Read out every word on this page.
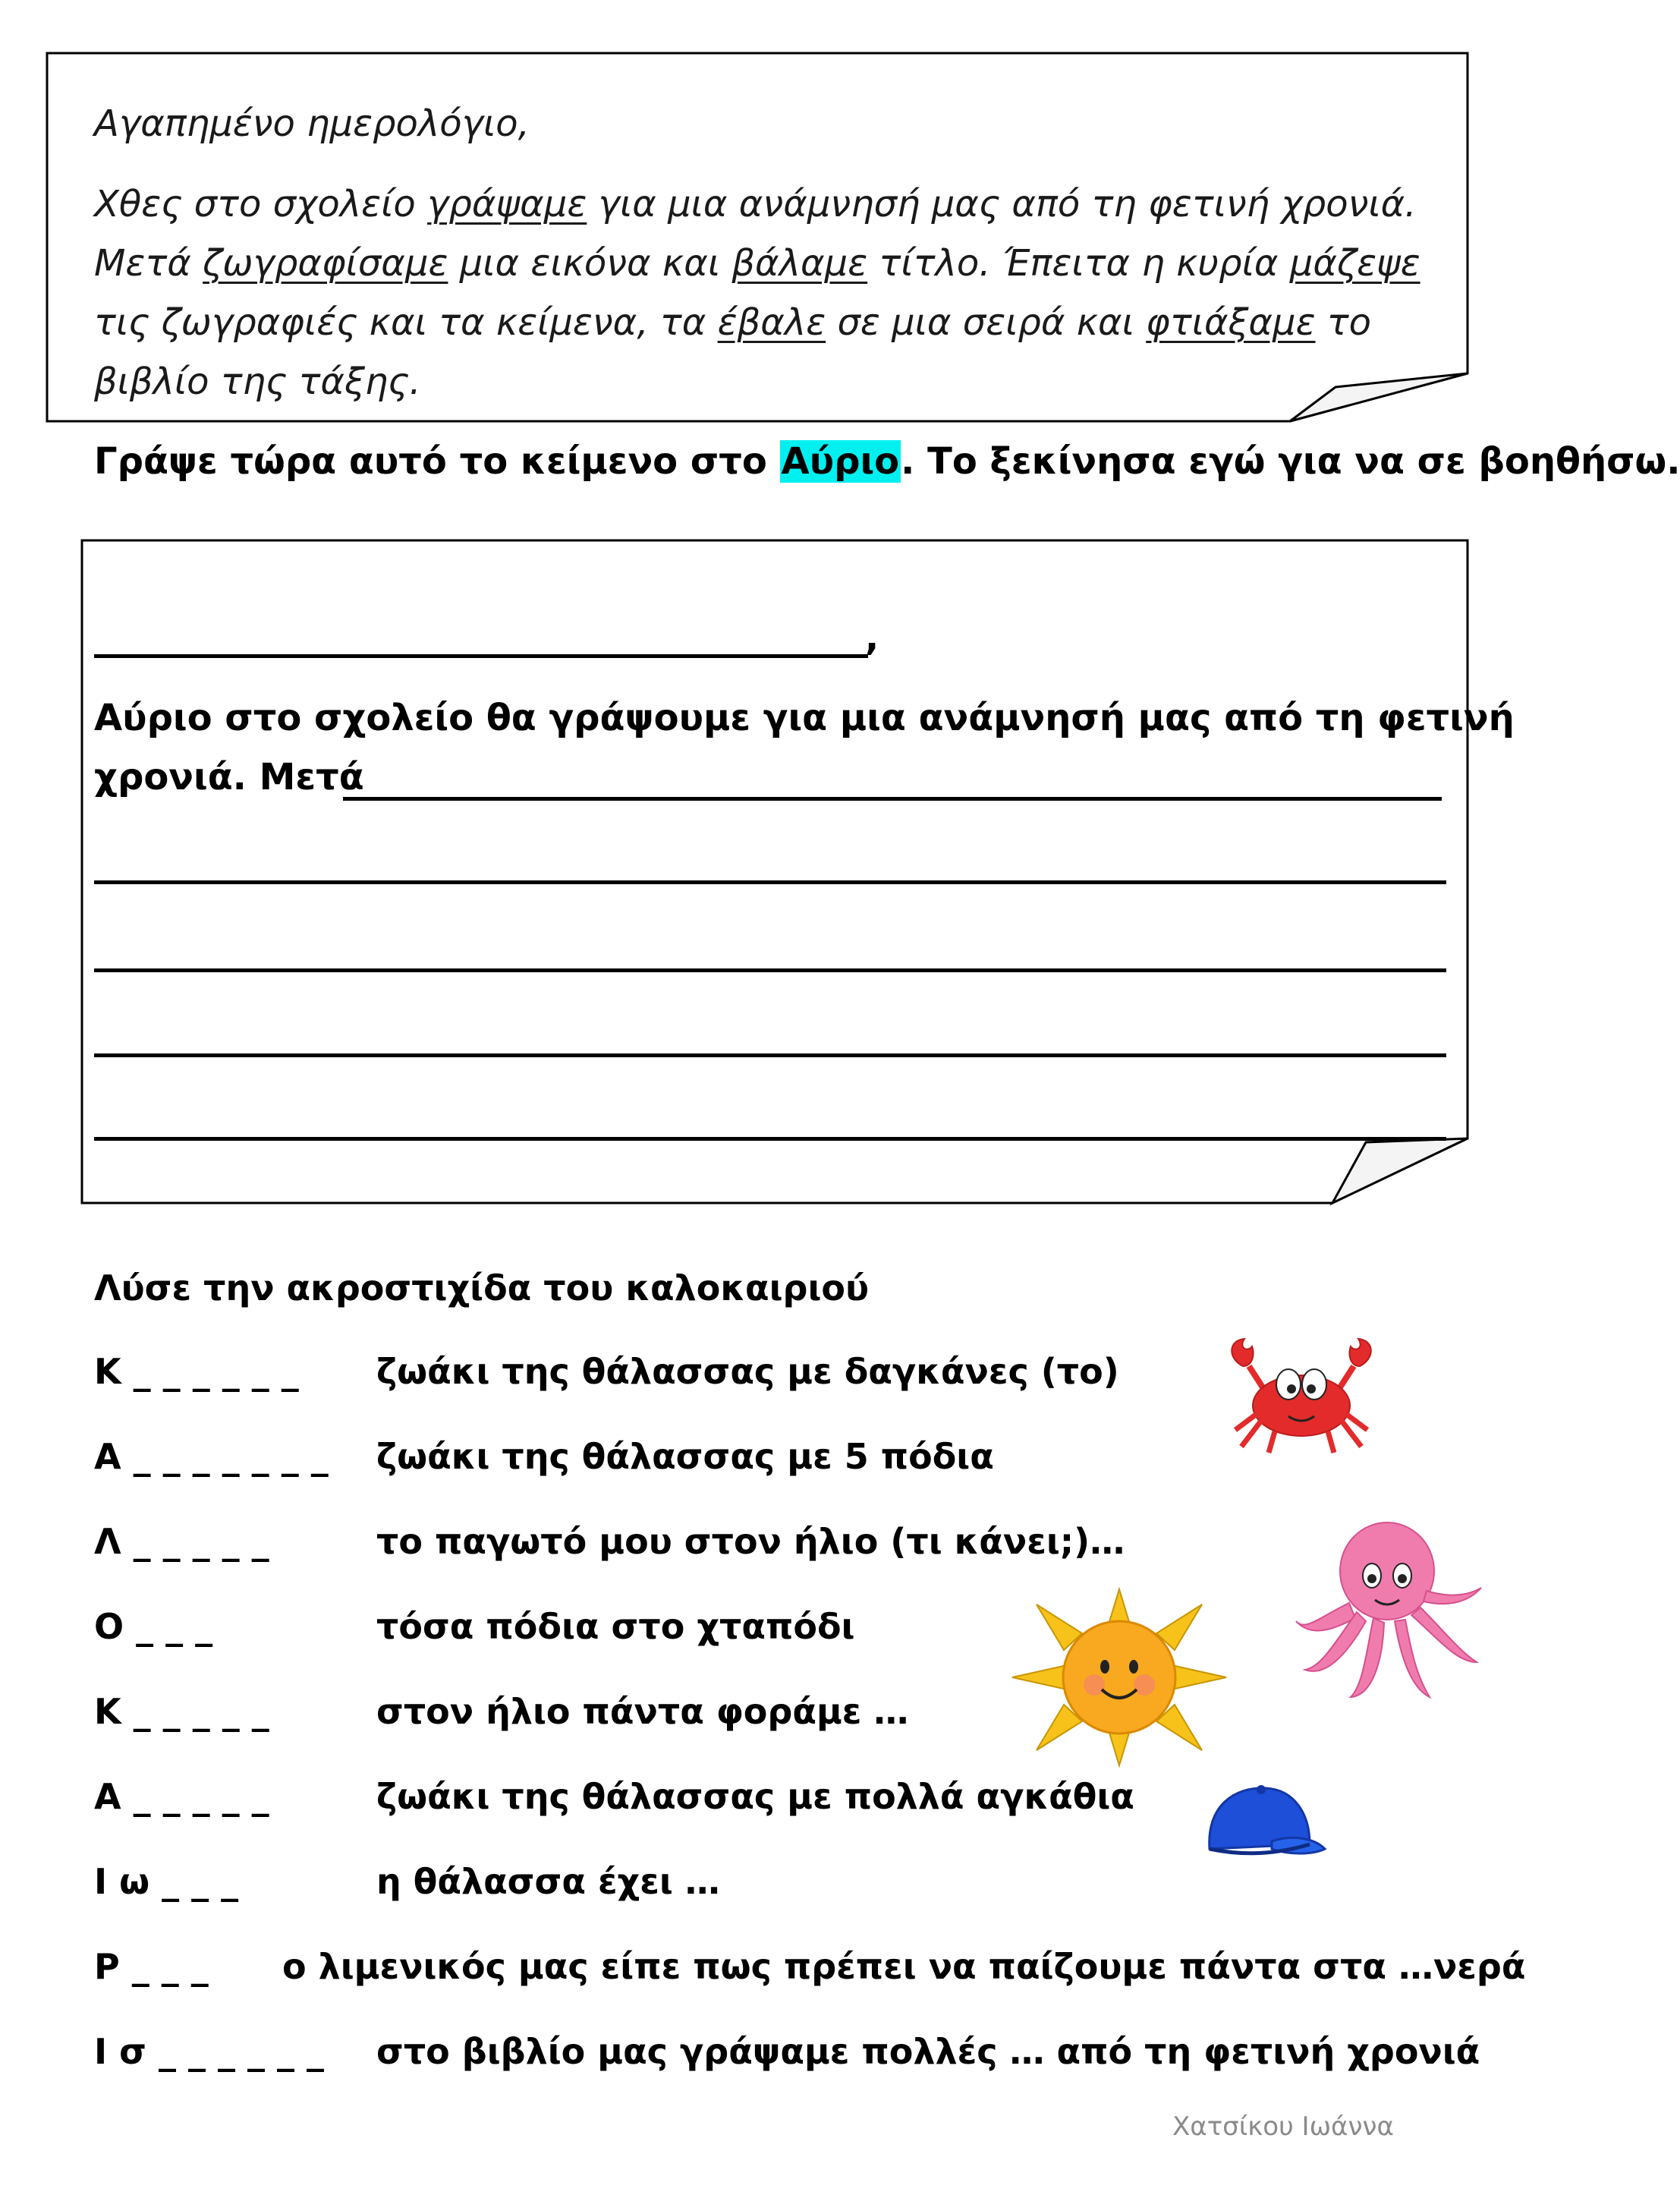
Αγαπημένο ημερολόγιο,

Χθες στο σχολείο γράψαμε για μια ανάμνησή μας από τη φετινή χρονιά. Μετά ζωγραφίσαμε μια εικόνα και βάλαμε τίτλο. Έπειτα η κυρία μάζεψε τις ζωγραφιές και τα κείμενα, τα έβαλε σε μια σειρά και φτιάξαμε το βιβλίο της τάξης.

Γράψε τώρα αυτό το κείμενο στο Αύριο. Το ξεκίνησα εγώ για να σε βοηθήσω.
,

Αύριο στο σχολείο θα γράψουμε για μια ανάμνησή μας από τη φετινή

χρονιά. Μετά
Λύσε την ακροστιχίδα του καλοκαιριού
Κ _ _ _ _ _ _ ζωάκι της θάλασσας με δαγκάνες (το)
Α _ _ _ _ _ _ _ ζωάκι της θάλασσας με 5 πόδια
Λ _ _ _ _ _	το παγωτό μου στον ήλιο (τι κάνει;)…
Ο _ _ _	τόσα πόδια στο χταπόδι
Κ _ _ _ _ _	στον ήλιο πάντα φοράμε …
Α _ _ _ _ _	ζωάκι της θάλασσας με πολλά αγκάθια
Ι ω _ _ _	η θάλασσα έχει …
Ρ _ _ _ ο λιμενικός μας είπε πως πρέπει να παίζουμε πάντα στα …νερά
Ι σ _ _ _ _ _ _ στο βιβλίο μας γράψαμε πολλές … από τη φετινή χρονιά
Χατσίκου Ιωάννα
